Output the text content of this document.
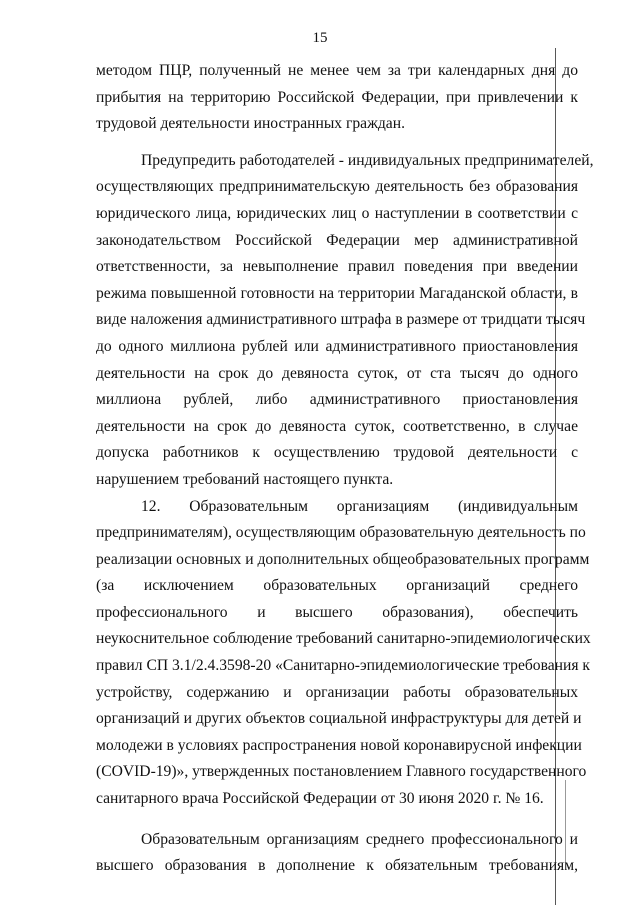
15
методом ПЦР, полученный не менее чем за три календарных дня до
прибытия на территорию Российской Федерации, при привлечении к
трудовой деятельности иностранных граждан.
Предупредить работодателей - индивидуальных предпринимателей,
осуществляющих предпринимательскую деятельность без образования
юридического лица, юридических лиц о наступлении в соответствии с
законодательством Российской Федерации мер административной
ответственности, за невыполнение правил поведения при введении
режима повышенной готовности на территории Магаданской области, в
виде наложения административного штрафа в размере от тридцати тысяч
до одного миллиона рублей или административного приостановления
деятельности на срок до девяноста суток, от ста тысяч до одного
миллиона рублей, либо административного приостановления
деятельности на срок до девяноста суток, соответственно, в случае
допуска работников к осуществлению трудовой деятельности с
нарушением требований настоящего пункта.
12. Образовательным организациям (индивидуальным
предпринимателям), осуществляющим образовательную деятельность по
реализации основных и дополнительных общеобразовательных программ
(за исключением образовательных организаций среднего
профессионального и высшего образования), обеспечить
неукоснительное соблюдение требований санитарно-эпидемиологических
правил СП 3.1/2.4.3598-20 «Санитарно-эпидемиологические требования к
устройству, содержанию и организации работы образовательных
организаций и других объектов социальной инфраструктуры для детей и
молодежи в условиях распространения новой коронавирусной инфекции
(COVID-19)», утвержденных постановлением Главного государственного
санитарного врача Российской Федерации от 30 июня 2020 г. № 16.
Образовательным организациям среднего профессионального и
высшего образования в дополнение к обязательным требованиям,
